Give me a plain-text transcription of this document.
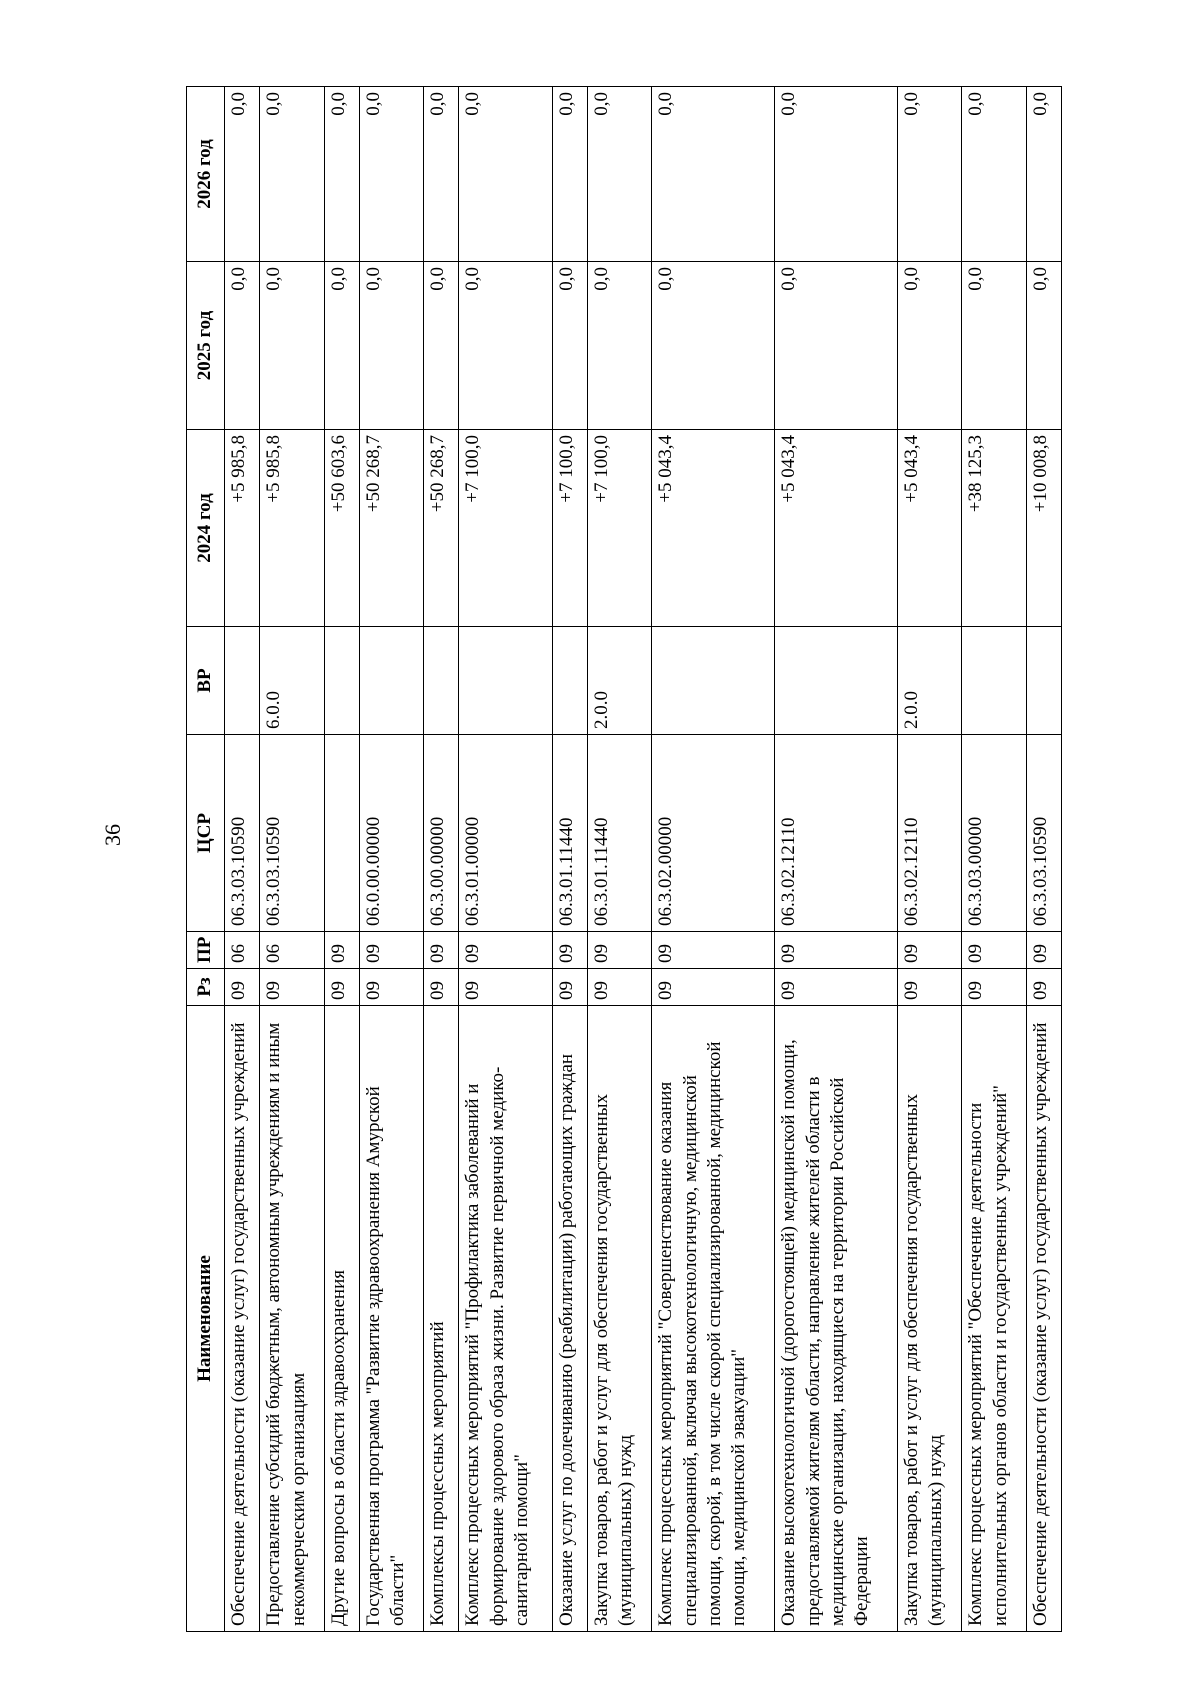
36
Наименование	Рз	ПР	ЦСР	ВР	2024 год	2025 год	2026 год
Обеспечение деятельности (оказание услуг) государственных учреждений	09	06	06.3.03.10590		+5 985,8	0,0	0,0
Предоставление субсидий бюджетным, автономным учреждениям и иным некоммерческим организациям	09	06	06.3.03.10590	6.0.0	+5 985,8	0,0	0,0
Другие вопросы в области здравоохранения	09	09			+50 603,6	0,0	0,0
Государственная программа "Развитие здравоохранения Амурской области"	09	09	06.0.00.00000		+50 268,7	0,0	0,0
Комплексы процессных мероприятий	09	09	06.3.00.00000		+50 268,7	0,0	0,0
Комплекс процессных мероприятий "Профилактика заболеваний и формирование здорового образа жизни. Развитие первичной медико-санитарной помощи"	09	09	06.3.01.00000		+7 100,0	0,0	0,0
Оказание услуг по долечиванию (реабилитации) работающих граждан	09	09	06.3.01.11440		+7 100,0	0,0	0,0
Закупка товаров, работ и услуг для обеспечения государственных (муниципальных) нужд	09	09	06.3.01.11440	2.0.0	+7 100,0	0,0	0,0
Комплекс процессных мероприятий "Совершенствование оказания специализированной, включая высокотехнологичную, медицинской помощи, скорой, в том числе скорой специализированной, медицинской помощи, медицинской эвакуации"	09	09	06.3.02.00000		+5 043,4	0,0	0,0
Оказание высокотехнологичной (дорогостоящей) медицинской помощи, предоставляемой жителям области, направление жителей области в медицинские организации, находящиеся на территории Российской Федерации	09	09	06.3.02.12110		+5 043,4	0,0	0,0
Закупка товаров, работ и услуг для обеспечения государственных (муниципальных) нужд	09	09	06.3.02.12110	2.0.0	+5 043,4	0,0	0,0
Комплекс процессных мероприятий "Обеспечение деятельности исполнительных органов области и государственных учреждений"	09	09	06.3.03.00000		+38 125,3	0,0	0,0
Обеспечение деятельности (оказание услуг) государственных учреждений	09	09	06.3.03.10590		+10 008,8	0,0	0,0
